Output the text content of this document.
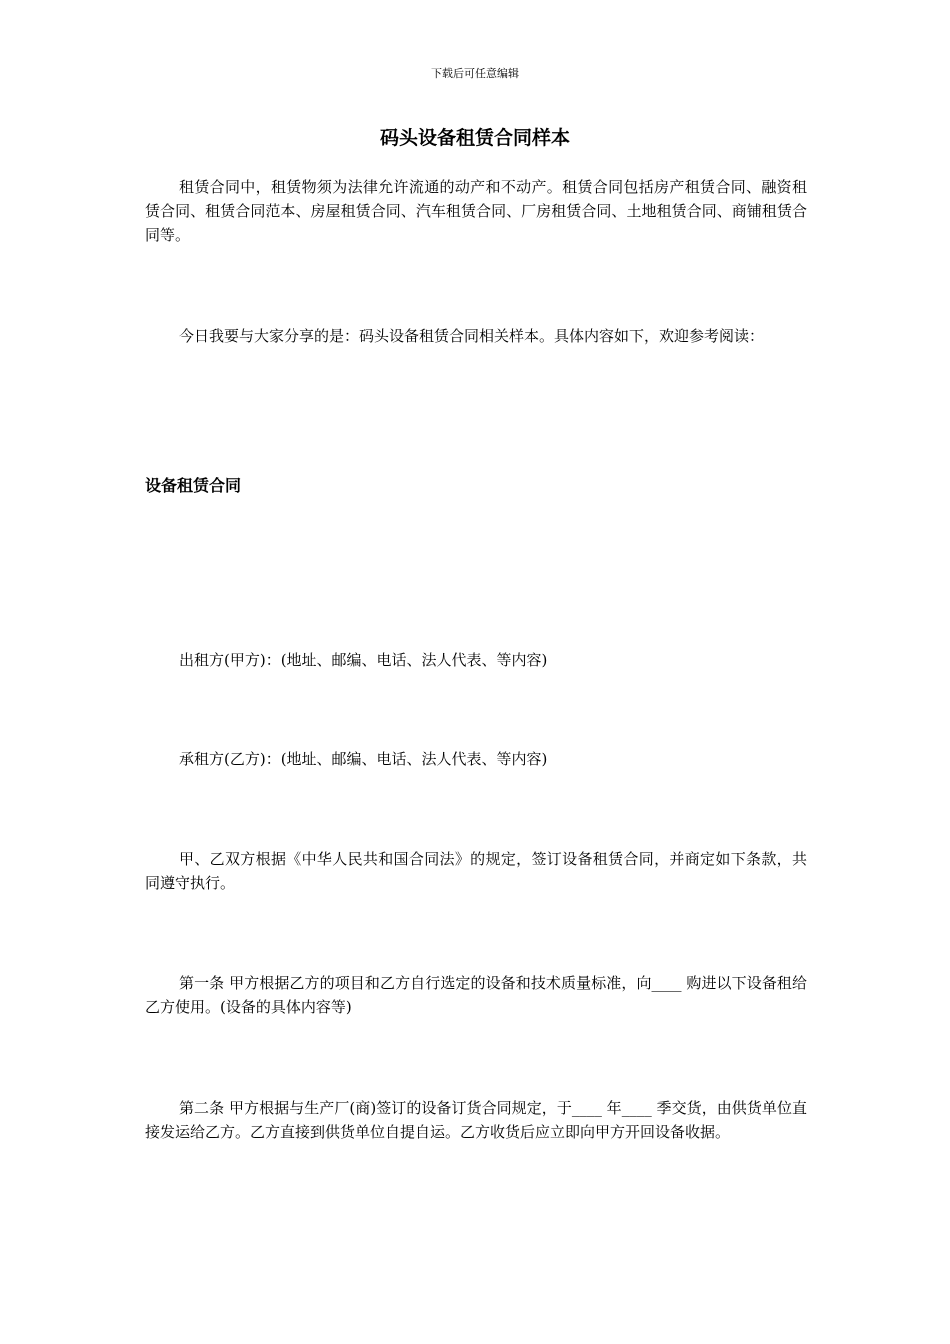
下载后可任意编辑
码头设备租赁合同样本

租赁合同中，租赁物须为法律允许流通的动产和不动产。租赁合同包括房产租赁合同、融资租赁合同、租赁合同范本、房屋租赁合同、汽车租赁合同、厂房租赁合同、土地租赁合同、商铺租赁合同等。

今日我要与大家分享的是：码头设备租赁合同相关样本。具体内容如下，欢迎参考阅读：

设备租赁合同

出租方(甲方)：(地址、邮编、电话、法人代表、等内容)

承租方(乙方)：(地址、邮编、电话、法人代表、等内容)

甲、乙双方根据《中华人民共和国合同法》的规定，签订设备租赁合同，并商定如下条款，共同遵守执行。

第一条 甲方根据乙方的项目和乙方自行选定的设备和技术质量标准，向____ 购进以下设备租给乙方使用。(设备的具体内容等)

第二条 甲方根据与生产厂(商)签订的设备订货合同规定，于____ 年____ 季交货，由供货单位直接发运给乙方。乙方直接到供货单位自提自运。乙方收货后应立即向甲方开回设备收据。
